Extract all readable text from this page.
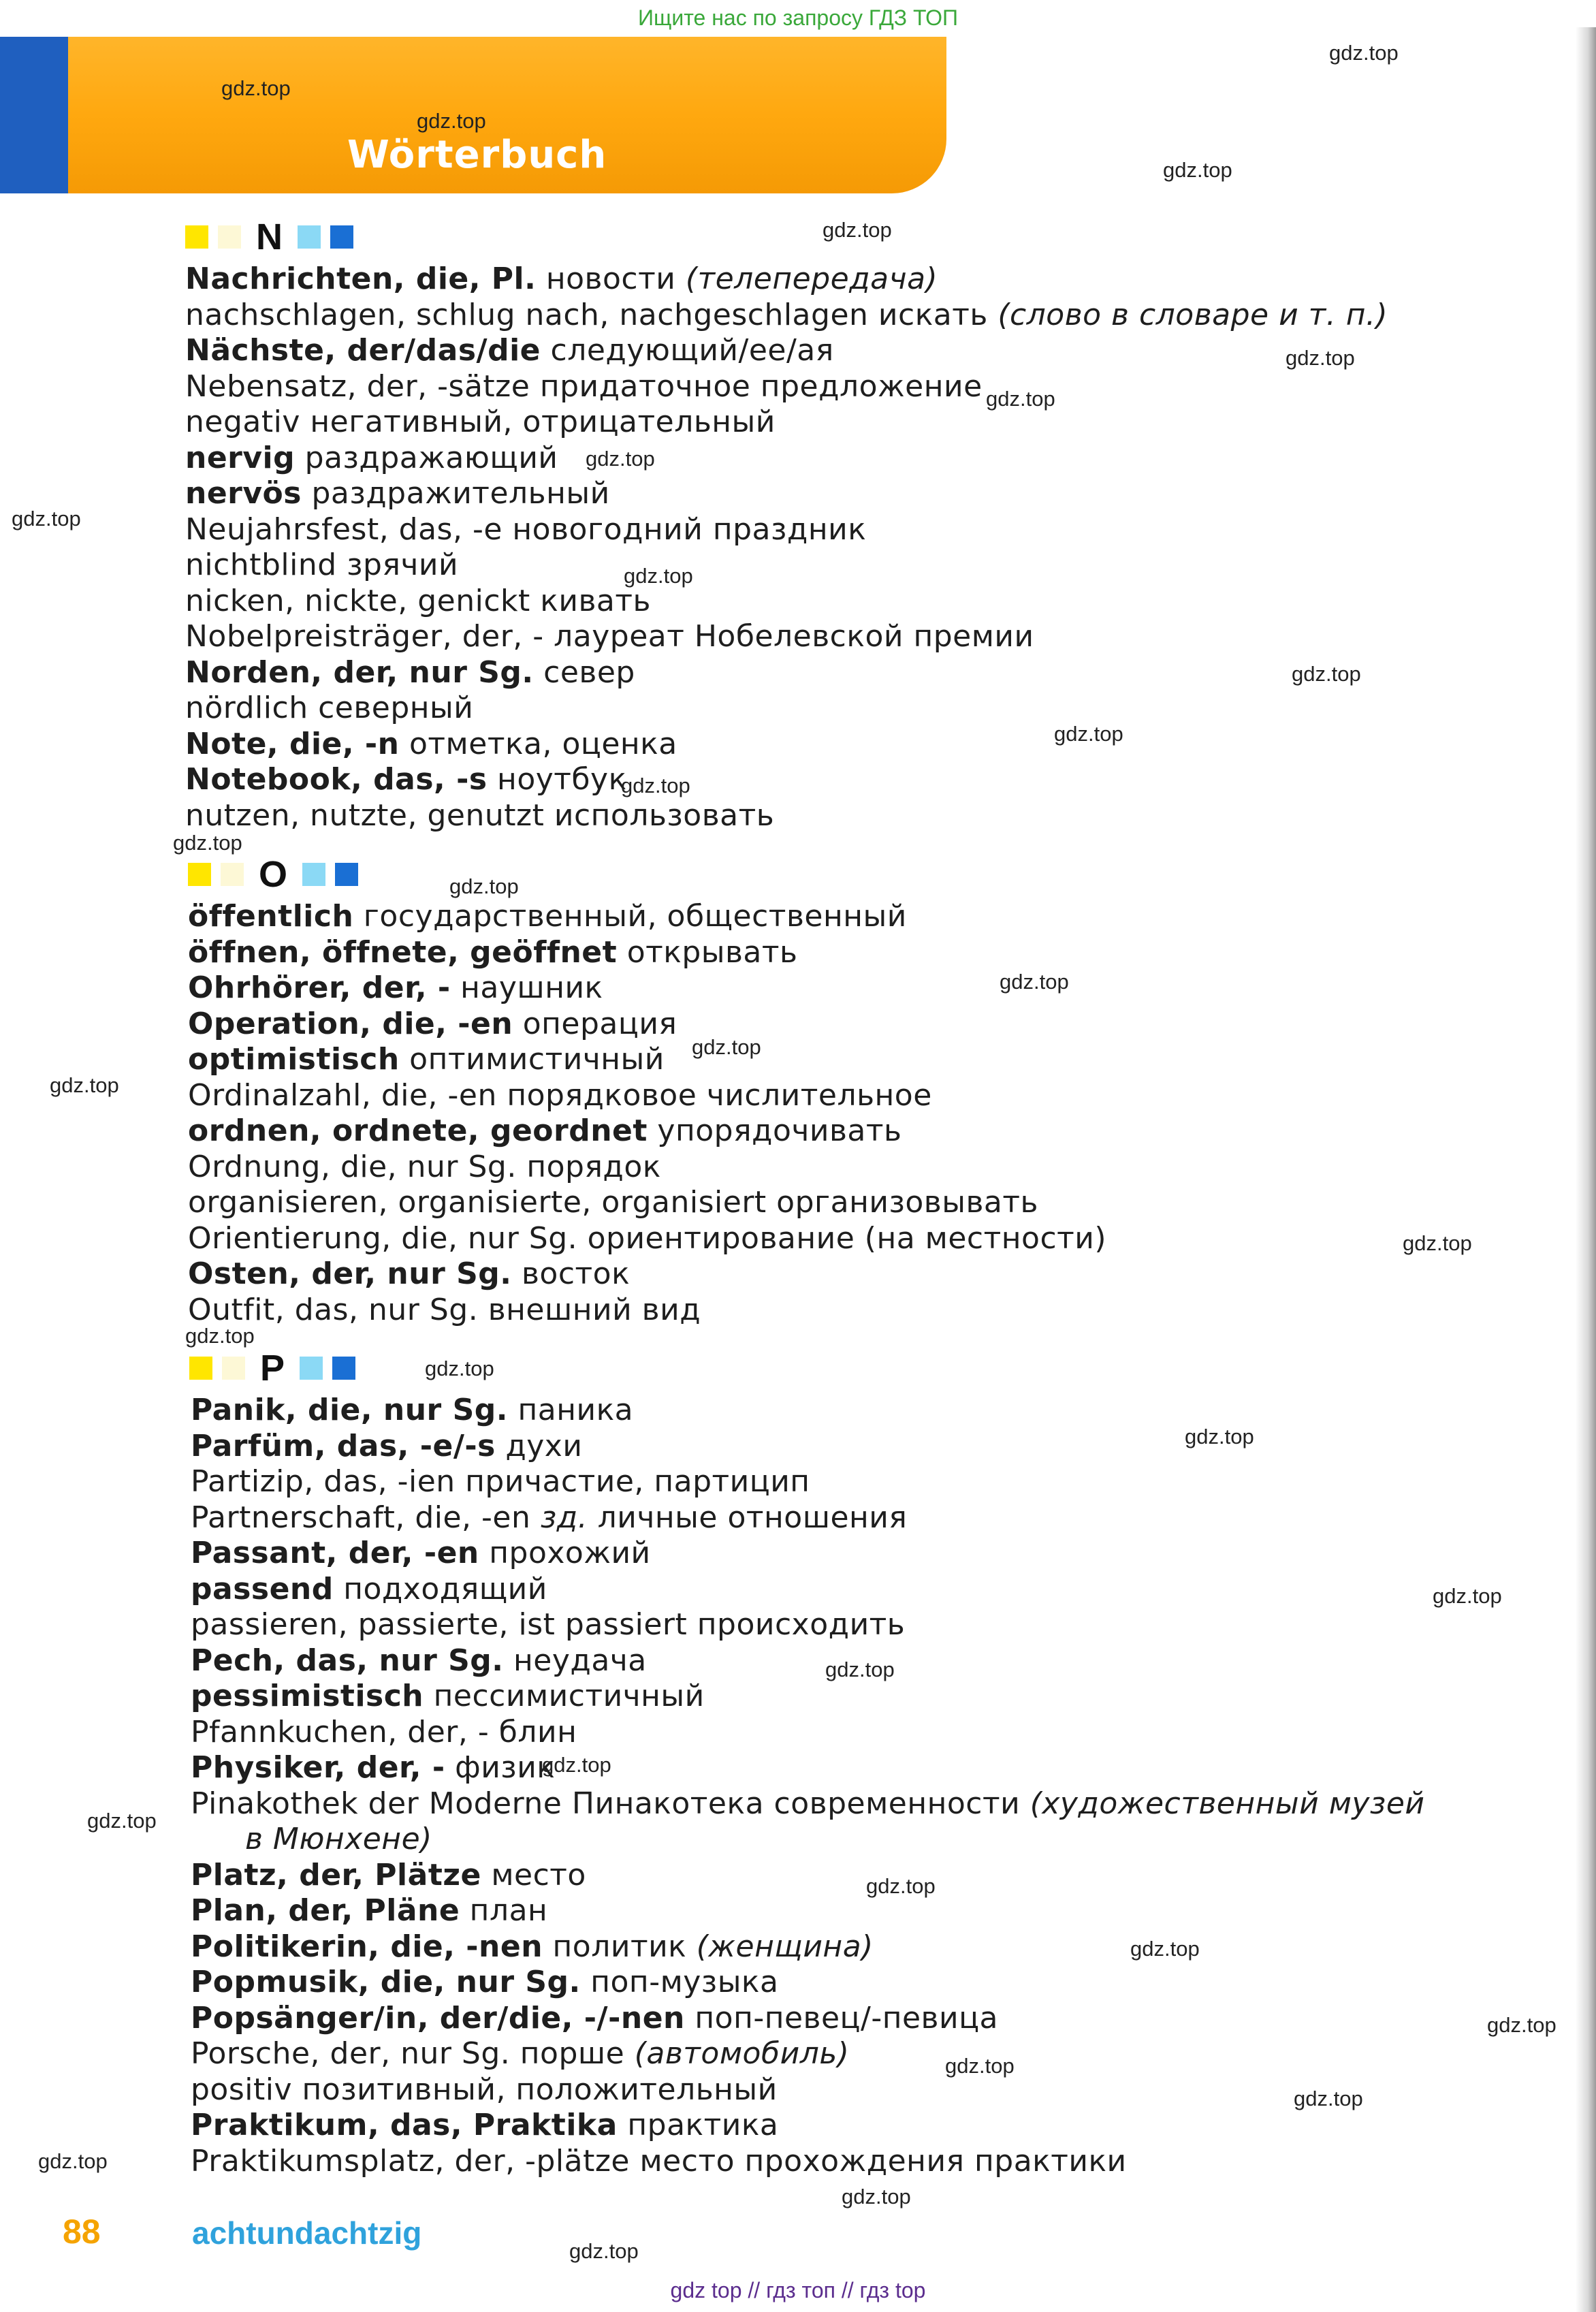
Ищите нас по запросу ГДЗ ТОП
Wörterbuch
N
Nachrichten, die, Pl. новости (телепередача)
nachschlagen, schlug nach, nachgeschlagen искать (слово в словаре и т. п.)
Nächste, der/das/die следующий/ее/ая
Nebensatz, der, -sätze придаточное предложение
negativ негативный, отрицательный
nervig раздражающий
nervös раздражительный
Neujahrsfest, das, -e новогодний праздник
nichtblind зрячий
nicken, nickte, genickt кивать
Nobelpreisträger, der, - лауреат Нобелевской премии
Norden, der, nur Sg. север
nördlich северный
Note, die, -n отметка, оценка
Notebook, das, -s ноутбук
nutzen, nutzte, genutzt использовать
O
öffentlich государственный, общественный
öffnen, öffnete, geöffnet открывать
Ohrhörer, der, - наушник
Operation, die, -en операция
optimistisch оптимистичный
Ordinalzahl, die, -en порядковое числительное
ordnen, ordnete, geordnet упорядочивать
Ordnung, die, nur Sg. порядок
organisieren, organisierte, organisiert организовывать
Orientierung, die, nur Sg. ориентирование (на местности)
Osten, der, nur Sg. восток
Outfit, das, nur Sg. внешний вид
P
Panik, die, nur Sg. паника
Parfüm, das, -e/-s духи
Partizip, das, -ien причастие, партицип
Partnerschaft, die, -en зд. личные отношения
Passant, der, -en прохожий
passend подходящий
passieren, passierte, ist passiert происходить
Pech, das, nur Sg. неудача
pessimistisch пессимистичный
Pfannkuchen, der, - блин
Physiker, der, - физик
Pinakothek der Moderne Пинакотека современности (художественный музей
в Мюнхене)
Platz, der, Plätze место
Plan, der, Pläne план
Politikerin, die, -nen политик (женщина)
Popmusik, die, nur Sg. поп-музыка
Popsänger/in, der/die, -/-nen поп-певец/-певица
Porsche, der, nur Sg. порше (автомобиль)
positiv позитивный, положительный
Praktikum, das, Praktika практика
Praktikumsplatz, der, -plätze место прохождения практики
gdz.top
gdz.top
gdz.top
gdz.top
gdz.top
gdz.top
gdz.top
gdz.top
gdz.top
gdz.top
gdz.top
gdz.top
gdz.top
gdz.top
gdz.top
gdz.top
gdz.top
gdz.top
gdz.top
gdz.top
gdz.top
gdz.top
gdz.top
gdz.top
gdz.top
gdz.top
gdz.top
gdz.top
gdz.top
gdz.top
gdz.top
gdz.top
gdz.top
gdz.top
88	achtundachtzig
gdz top // гдз топ // гдз top
